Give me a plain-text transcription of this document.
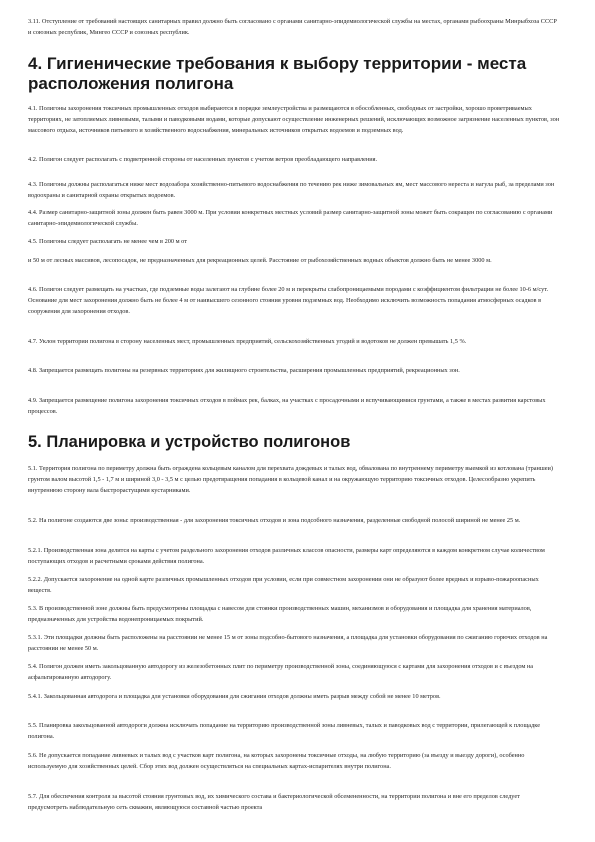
3.11. Отступление от требований настоящих санитарных правил должно быть согласовано с органами санитарно-эпидемиологической службы на местах, органами рыбоохраны Минрыбхоза СССР и союзных республик, Мингео СССР и союзных республик.

4. Гигиенические требования к выбору территории - места расположения полигона

4.1. Полигоны захоронения токсичных промышленных отходов выбираются в порядке землеустройства и размещаются в обособленных, свободных от застройки, хорошо проветриваемых территориях, не затопляемых ливневыми, талыми и паводковыми водами, которые допускают осуществление инженерных решений, исключающих возможное загрязнение населенных пунктов, зон массового отдыха, источников питьевого и хозяйственного водоснабжения, минеральных источников открытых водоемов и подземных вод.

4.2. Полигон следует располагать с подветренной стороны от населенных пунктов с учетом ветров преобладающего направления.

4.3. Полигоны должны располагаться ниже мест водозабора хозяйственно-питьевого водоснабжения по течению рек ниже зимовальных ям, мест массового нереста и нагула рыб, за пределами зон водоохраны и санитарной охраны открытых водоемов.

4.4. Размер санитарно-защитной зоны должен быть равен 3000 м. При условии конкретных местных условий размер санитарно-защитной зоны может быть сокращен по согласованию с органами санитарно-эпидемиологической службы.

4.5. Полигоны следует располагать не менее чем в 200 м от

и 50 м от лесных массивов, лесопосадок, не предназначенных для рекреационных целей. Расстояние от рыбохозяйственных водных объектов должно быть не менее 3000 м.

4.6. Полигон следует размещать на участках, где подземные воды залегают на глубине более 20 м и перекрыты слабопроницаемыми породами с коэффициентом фильтрации не более 10-6 м/сут. Основание для мест захоронения должно быть не более 4 м от наивысшего сезонного стояния уровня подземных вод. Необходимо исключить возможность попадания атмосферных осадков в сооружения для захоронения отходов.

4.7. Уклон территории полигона в сторону населенных мест, промышленных предприятий, сельскохозяйственных угодий и водотоков не должен превышать 1,5 %.

4.8. Запрещается размещать полигоны на резервных территориях для жилищного строительства, расширения промышленных предприятий, рекреационных зон.

4.9. Запрещается размещение полигона захоронения токсичных отходов в поймах рек, балках, на участках с просадочными и вспучивающимися грунтами, а также в местах развития карстовых процессов.

5. Планировка и устройство полигонов

5.1. Территория полигона по периметру должна быть ограждена кольцевым каналом для перехвата дождевых и талых вод, обвалована по внутреннему периметру выемкой из котлована (траншеи) грунтом валом высотой 1,5 - 1,7 м и шириной 3,0 - 3,5 м с целью предотвращения попадания в кольцевой канал и на окружающую территорию токсичных отходов. Целесообразно укрепить внутреннюю сторону вала быстрорастущими кустарниками.

5.2. На полигоне создаются две зоны: производственная - для захоронения токсичных отходов и зона подсобного назначения, разделенные свободной полосой шириной не менее 25 м.

5.2.1. Производственная зона делится на карты с учетом раздельного захоронения отходов различных классов опасности, размеры карт определяются в каждом конкретном случае количеством поступающих отходов и расчетными сроками действия полигона.

5.2.2. Допускается захоронение на одной карте различных промышленных отходов при условии, если при совместном захоронении они не образуют более вредных и взрыво-пожароопасных веществ.

5.3. В производственной зоне должны быть предусмотрены площадка с навесом для стоянки производственных машин, механизмов и оборудования и площадка для хранения материалов, предназначенных для устройства водонепроницаемых покрытий.

5.3.1. Эти площадки должны быть расположены на расстоянии не менее 15 м от зоны подсобно-бытового назначения, а площадка для установки оборудования по сжиганию горючих отходов на расстоянии не менее 50 м.

5.4. Полигон должен иметь закольцованную автодорогу из железобетонных плит по периметру производственной зоны, соединяющуюся с картами для захоронения отходов и с въездом на асфальтированную автодорогу.

5.4.1. Закольцованная автодорога и площадка для установки оборудования для сжигания отходов должны иметь разрыв между собой не менее 10 метров.

5.5. Планировка закольцованной автодороги должна исключать попадание на территорию производственной зоны ливневых, талых и паводковых вод с территории, прилегающей к площадке полигона.

5.6. Не допускается попадание ливневых и талых вод с участков карт полигона, на которых захоронены токсичные отходы, на любую территорию (за въезду и выезду дороги), особенно используемую для хозяйственных целей. Сбор этих вод должен осуществляться на специальных картах-испарителях внутри полигона.

5.7. Для обеспечения контроля за высотой стояния грунтовых вод, их химического состава и бактериологической обсемененности, на территории полигона и вне его пределов следует предусмотреть наблюдательную сеть скважин, являющуюся составной частью проекта
